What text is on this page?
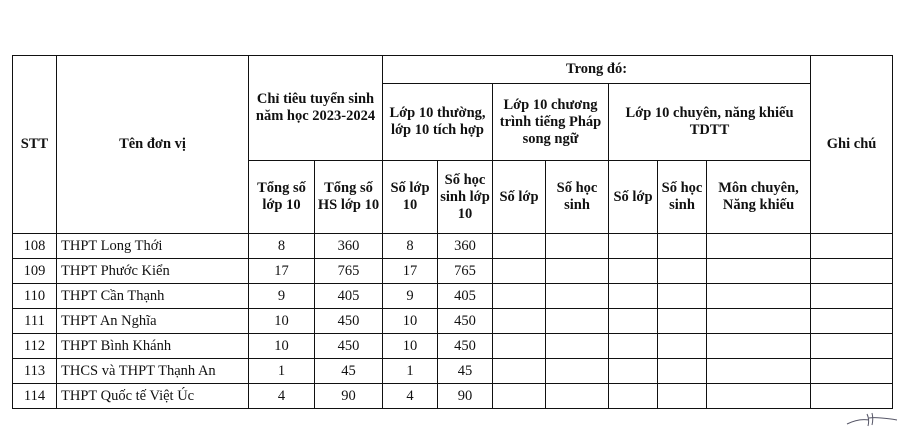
STT	Tên đơn vị	Chỉ tiêu tuyển sinh năm học 2023-2024		Trong đó:							Ghi chú
				Lớp 10 thường, lớp 10 tích hợp		Lớp 10 chương trình tiếng Pháp song ngữ		Lớp 10 chuyên, năng khiếu TDTT			
		Tổng số lớp 10	Tổng số HS lớp 10	Số lớp 10	Số học sinh lớp 10	Số lớp	Số học sinh	Số lớp	Số học sinh	Môn chuyên, Năng khiếu	
108	THPT Long Thới	8	360	8	360						
109	THPT Phước Kiển	17	765	17	765						
110	THPT Cần Thạnh	9	405	9	405						
111	THPT An Nghĩa	10	450	10	450						
112	THPT Bình Khánh	10	450	10	450						
113	THCS và THPT Thạnh An	1	45	1	45						
114	THPT Quốc tế Việt Úc	4	90	4	90						
